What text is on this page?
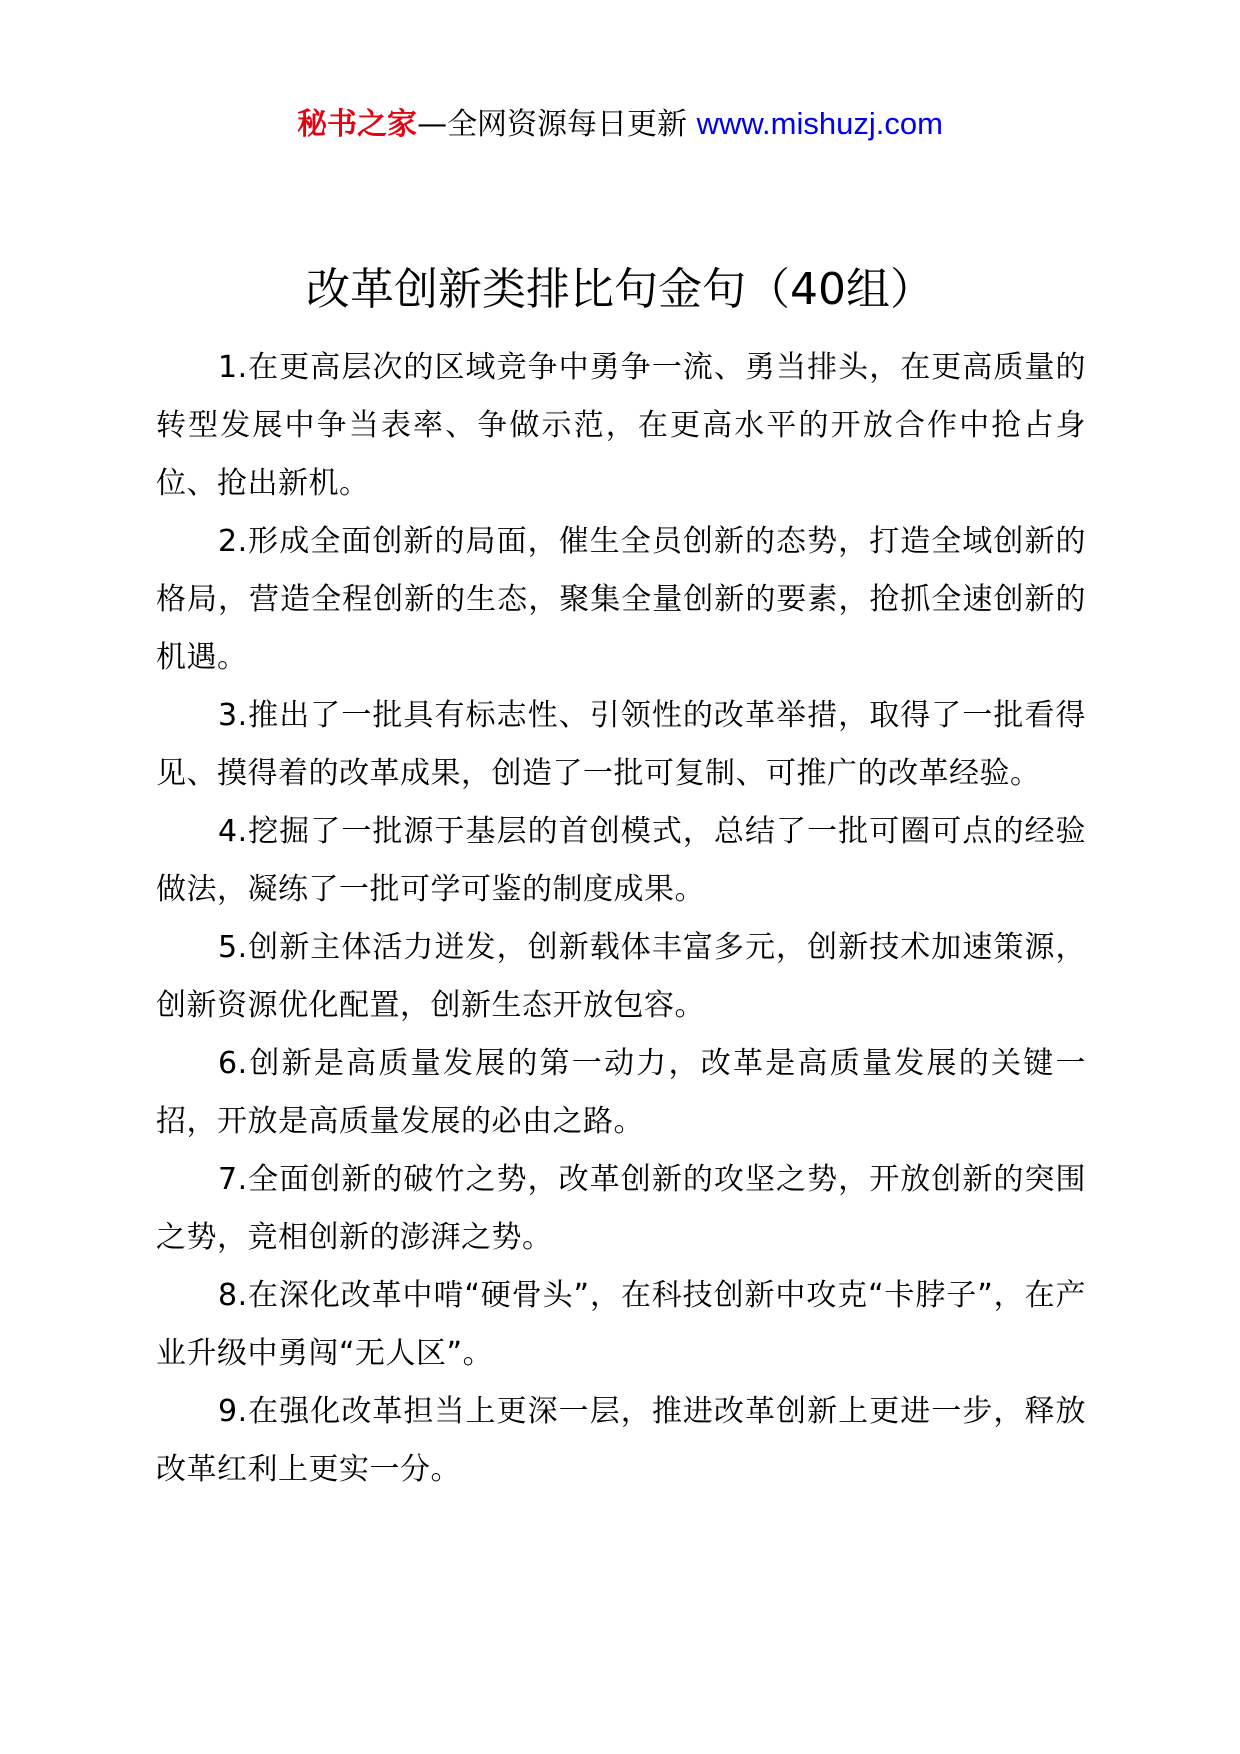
秘书之家—全网资源每日更新 www.mishuzj.com
改革创新类排比句金句（40组）

1.在更高层次的区域竞争中勇争一流、勇当排头，在更高质量的转型发展中争当表率、争做示范，在更高水平的开放合作中抢占身位、抢出新机。

2.形成全面创新的局面，催生全员创新的态势，打造全域创新的格局，营造全程创新的生态，聚集全量创新的要素，抢抓全速创新的机遇。

3.推出了一批具有标志性、引领性的改革举措，取得了一批看得见、摸得着的改革成果，创造了一批可复制、可推广的改革经验。

4.挖掘了一批源于基层的首创模式，总结了一批可圈可点的经验做法，凝练了一批可学可鉴的制度成果。

5.创新主体活力迸发，创新载体丰富多元，创新技术加速策源，创新资源优化配置，创新生态开放包容。

6.创新是高质量发展的第一动力，改革是高质量发展的关键一招，开放是高质量发展的必由之路。

7.全面创新的破竹之势，改革创新的攻坚之势，开放创新的突围之势，竞相创新的澎湃之势。

8.在深化改革中啃“硬骨头”，在科技创新中攻克“卡脖子”，在产业升级中勇闯“无人区”。

9.在强化改革担当上更深一层，推进改革创新上更进一步，释放改革红利上更实一分。
